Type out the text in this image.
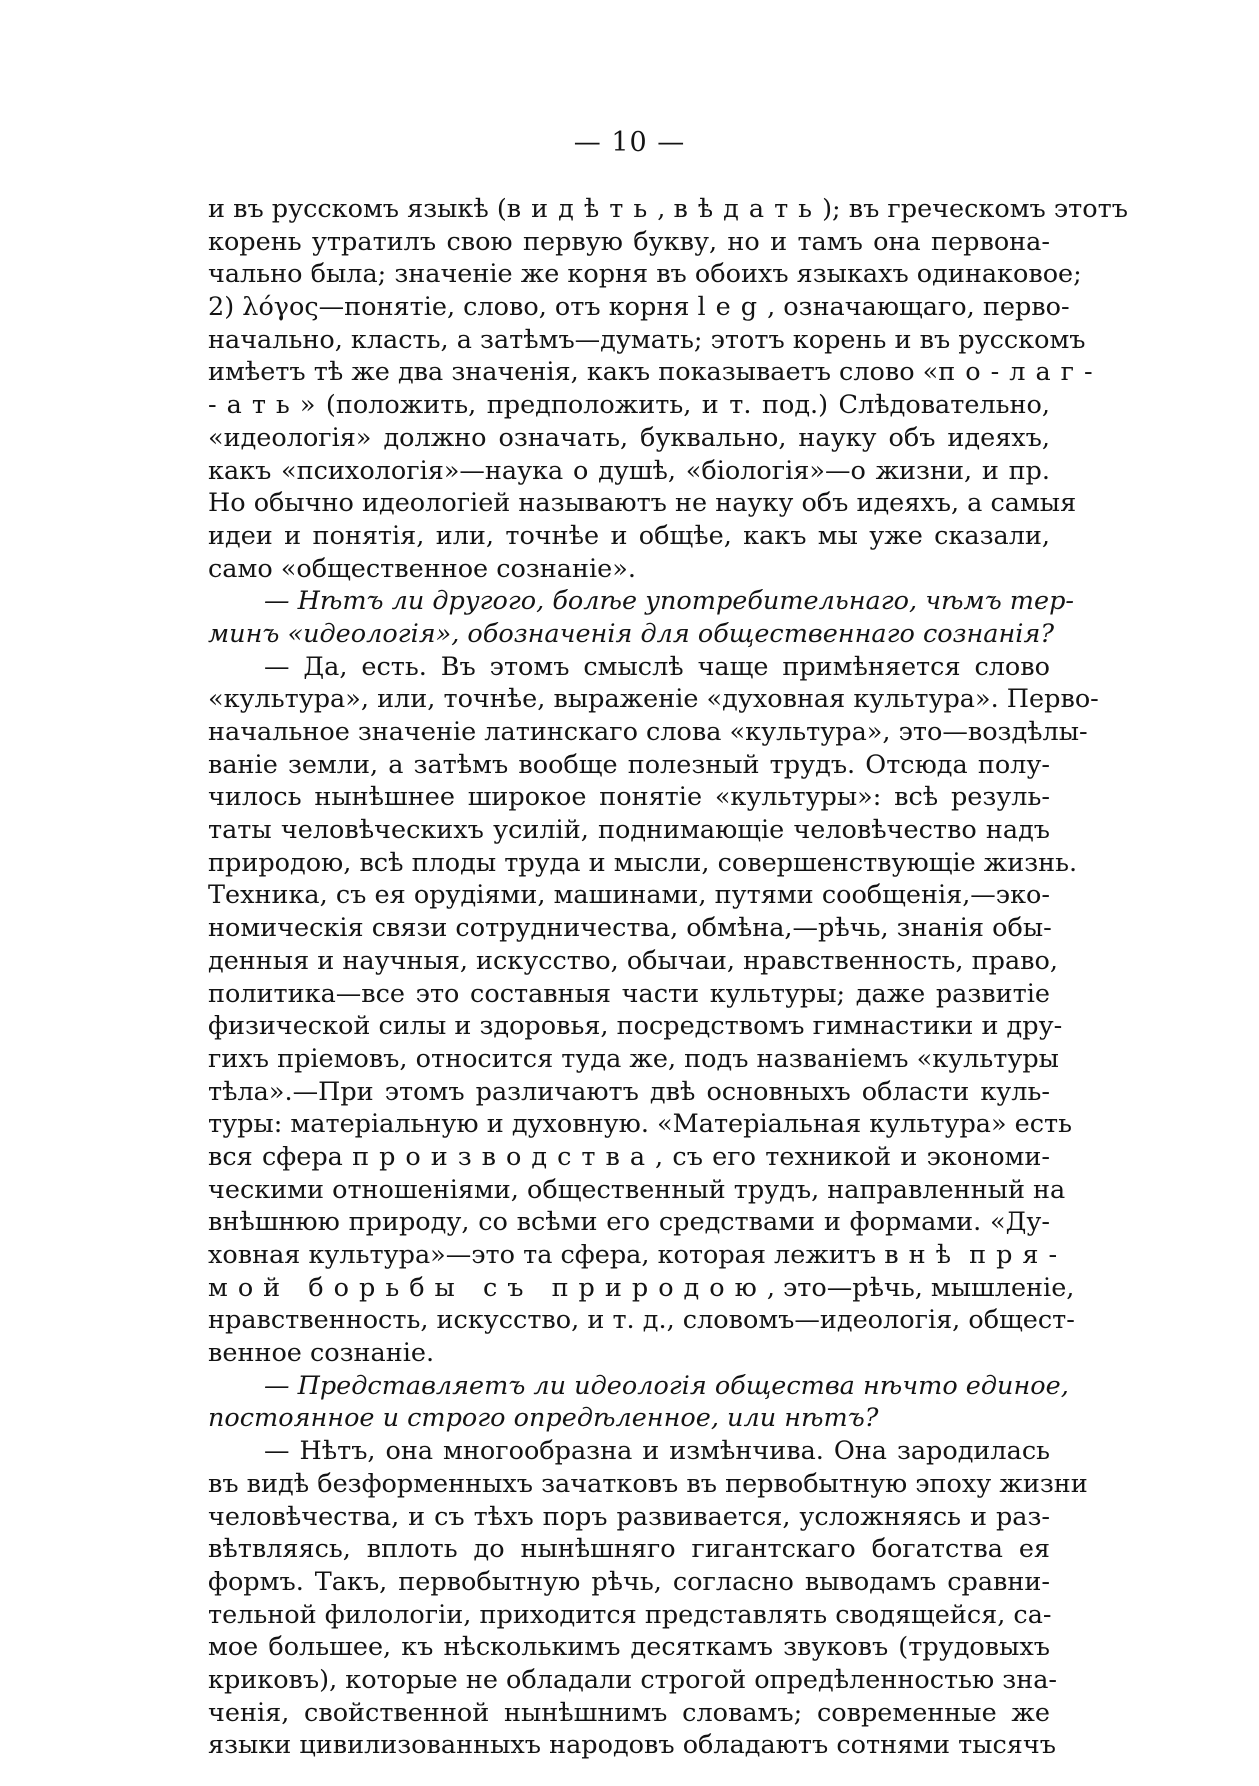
— 10 —
и въ русскомъ языкѣ (видѣть, вѣдать); въ греческомъ этотъ
корень утратилъ свою первую букву, но и тамъ она первона-
чально была; значеніе же корня въ обоихъ языкахъ одинаковое;
2) λόγος—понятіе, слово, отъ корня leg, означающаго, перво-
начально, класть, а затѣмъ—думать; этотъ корень и въ русскомъ
имѣетъ тѣ же два значенія, какъ показываетъ слово «по-лаг-
-ать» (положить, предположить, и т. под.) Слѣдовательно,
«идеологія» должно означать, буквально, науку объ идеяхъ,
какъ «психологія»—наука о душѣ, «біологія»—о жизни, и пр.
Но обычно идеологіей называютъ не науку объ идеяхъ, а самыя
идеи и понятія, или, точнѣе и общѣе, какъ мы уже сказали,
само «общественное сознаніе».
— Нѣтъ ли другого, болѣе употребительнаго, чѣмъ тер-
минъ «идеологія», обозначенія для общественнаго сознанія?
— Да, есть. Въ этомъ смыслѣ чаще примѣняется слово
«культура», или, точнѣе, выраженіе «духовная культура». Перво-
начальное значеніе латинскаго слова «культура», это—воздѣлы-
ваніе земли, а затѣмъ вообще полезный трудъ. Отсюда полу-
чилось нынѣшнее широкое понятіе «культуры»: всѣ резуль-
таты человѣческихъ усилій, поднимающіе человѣчество надъ
природою, всѣ плоды труда и мысли, совершенствующіе жизнь.
Техника, съ ея орудіями, машинами, путями сообщенія,—эко-
номическія связи сотрудничества, обмѣна,—рѣчь, знанія обы-
денныя и научныя, искусство, обычаи, нравственность, право,
политика—все это составныя части культуры; даже развитіе
физической силы и здоровья, посредствомъ гимнастики и дру-
гихъ пріемовъ, относится туда же, подъ названіемъ «культуры
тѣла».—При этомъ различаютъ двѣ основныхъ области куль-
туры: матеріальную и духовную. «Матеріальная культура» есть
вся сфера производства, съ его техникой и экономи-
ческими отношеніями, общественный трудъ, направленный на
внѣшнюю природу, со всѣми его средствами и формами. «Ду-
ховная культура»—это та сфера, которая лежитъ внѣ пря-
мой борьбы съ природою, это—рѣчь, мышленіе,
нравственность, искусство, и т. д., словомъ—идеологія, общест-
венное сознаніе.
— Представляетъ ли идеологія общества нѣчто единое,
постоянное и строго опредѣленное, или нѣтъ?
— Нѣтъ, она многообразна и измѣнчива. Она зародилась
въ видѣ безформенныхъ зачатковъ въ первобытную эпоху жизни
человѣчества, и съ тѣхъ поръ развивается, усложняясь и раз-
вѣтвляясь, вплоть до нынѣшняго гигантскаго богатства ея
формъ. Такъ, первобытную рѣчь, согласно выводамъ сравни-
тельной филологіи, приходится представлять сводящейся, са-
мое большее, къ нѣсколькимъ десяткамъ звуковъ (трудовыхъ
криковъ), которые не обладали строгой опредѣленностью зна-
ченія, свойственной нынѣшнимъ словамъ; современные же
языки цивилизованныхъ народовъ обладаютъ сотнями тысячъ
